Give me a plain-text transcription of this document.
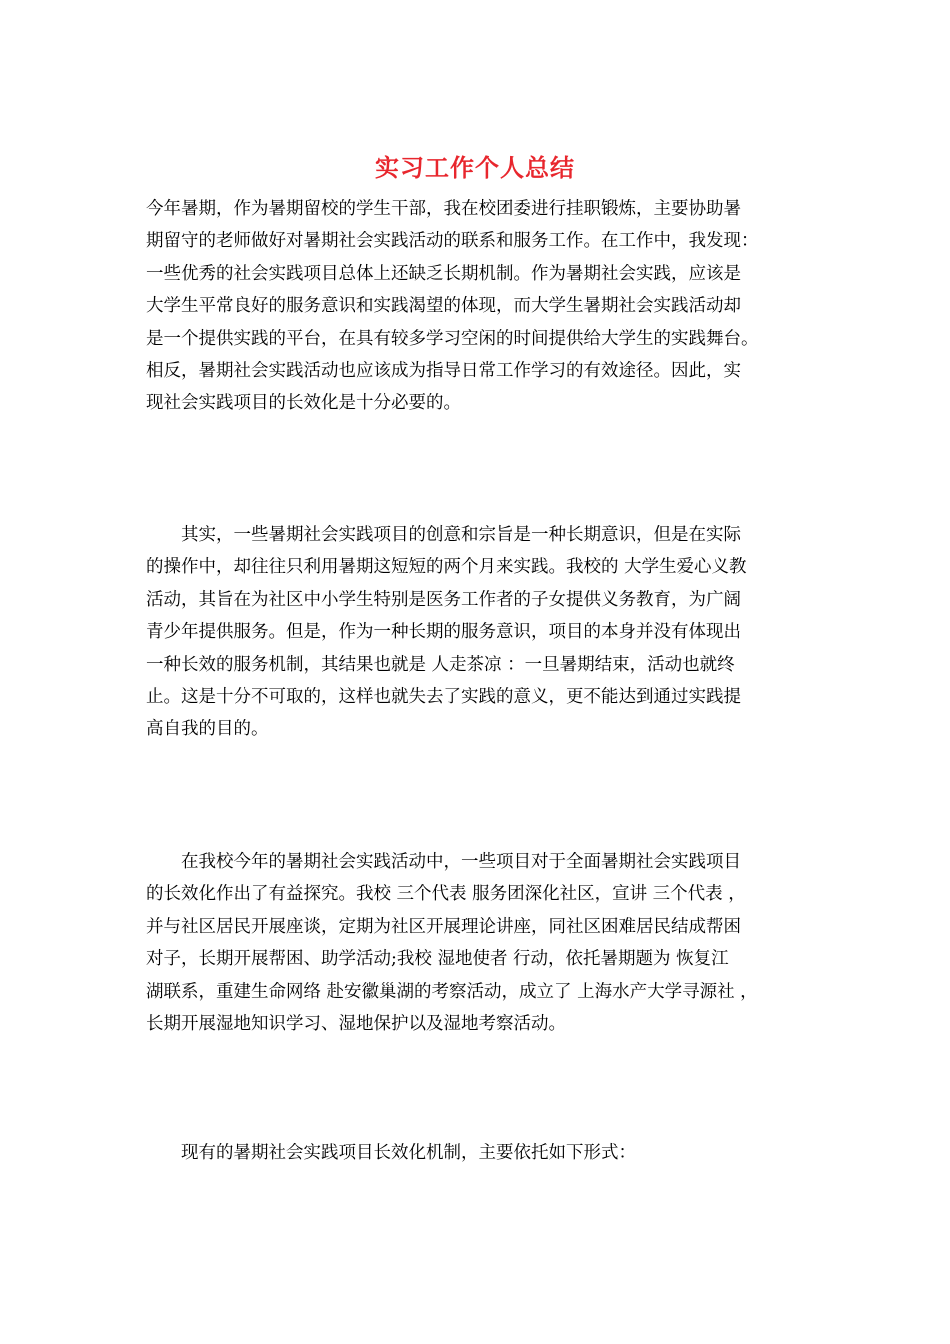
实习工作个人总结
今年暑期，作为暑期留校的学生干部，我在校团委进行挂职锻炼，主要协助暑
期留守的老师做好对暑期社会实践活动的联系和服务工作。在工作中，我发现：
一些优秀的社会实践项目总体上还缺乏长期机制。作为暑期社会实践，应该是
大学生平常良好的服务意识和实践渴望的体现，而大学生暑期社会实践活动却
是一个提供实践的平台，在具有较多学习空闲的时间提供给大学生的实践舞台。
相反，暑期社会实践活动也应该成为指导日常工作学习的有效途径。因此，实
现社会实践项目的长效化是十分必要的。
其实，一些暑期社会实践项目的创意和宗旨是一种长期意识，但是在实际
的操作中，却往往只利用暑期这短短的两个月来实践。我校的 大学生爱心义教
活动，其旨在为社区中小学生特别是医务工作者的子女提供义务教育，为广阔
青少年提供服务。但是，作为一种长期的服务意识，项目的本身并没有体现出
一种长效的服务机制，其结果也就是 人走茶凉 ：一旦暑期结束，活动也就终
止。这是十分不可取的，这样也就失去了实践的意义，更不能达到通过实践提
高自我的目的。
在我校今年的暑期社会实践活动中，一些项目对于全面暑期社会实践项目
的长效化作出了有益探究。我校 三个代表 服务团深化社区，宣讲 三个代表 ，
并与社区居民开展座谈，定期为社区开展理论讲座，同社区困难居民结成帮困
对子，长期开展帮困、助学活动;我校 湿地使者 行动，依托暑期题为 恢复江
湖联系，重建生命网络 赴安徽巢湖的考察活动，成立了 上海水产大学寻源社 ，
长期开展湿地知识学习、湿地保护以及湿地考察活动。
现有的暑期社会实践项目长效化机制，主要依托如下形式：
